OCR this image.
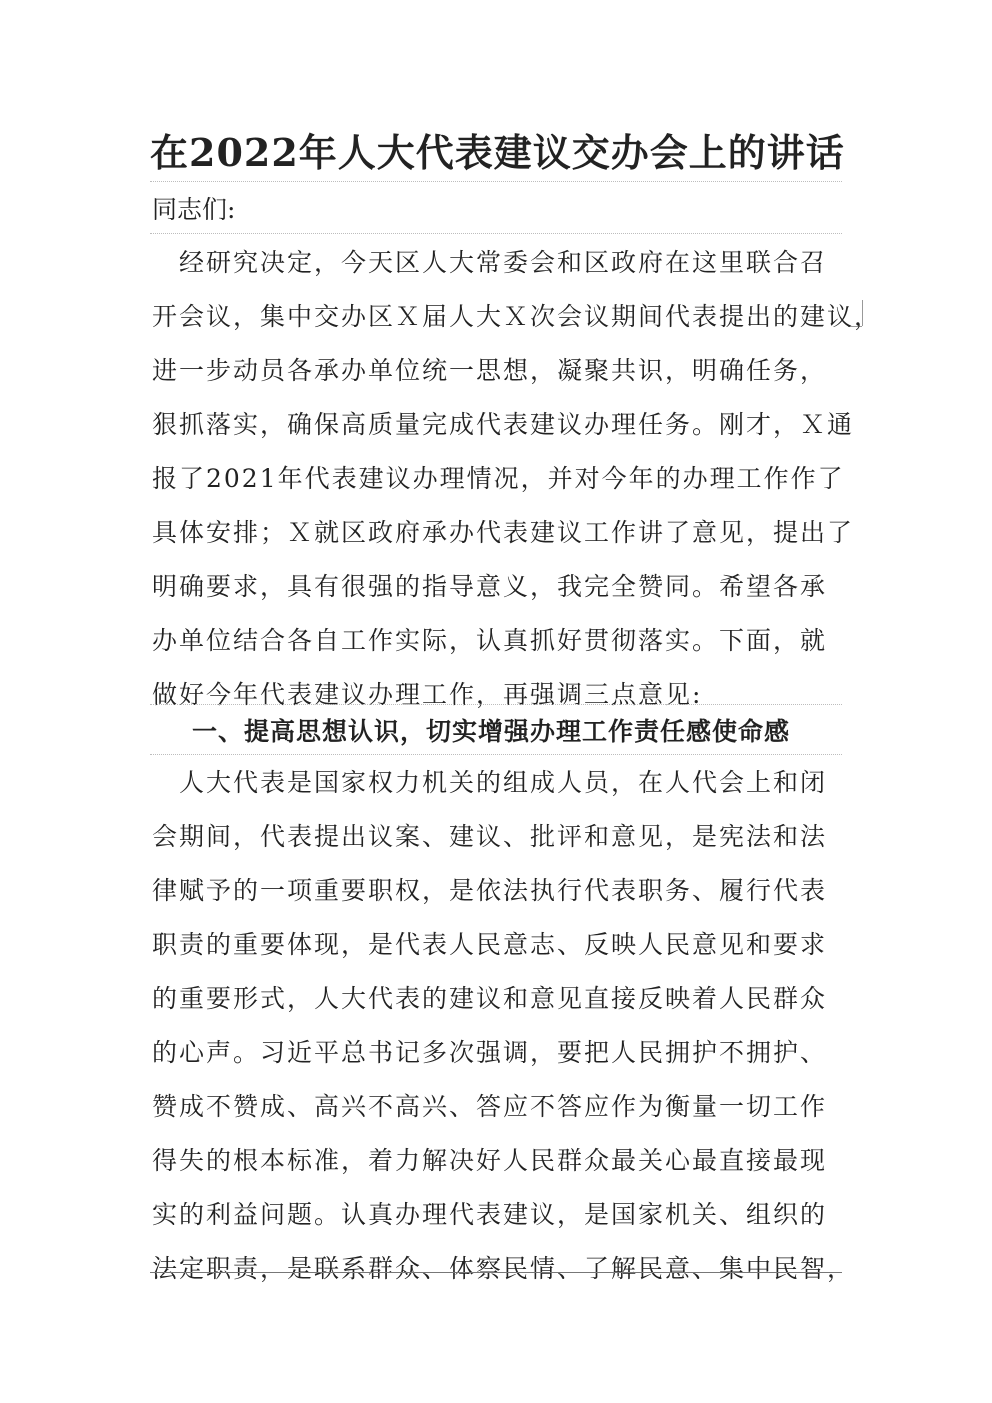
在2022年人大代表建议交办会上的讲话
同志们:
　经研究决定，今天区人大常委会和区政府在这里联合召
开会议，集中交办区Ｘ届人大Ｘ次会议期间代表提出的建议，
进一步动员各承办单位统一思想，凝聚共识，明确任务，
狠抓落实，确保高质量完成代表建议办理任务。刚才，Ｘ通
报了2021年代表建议办理情况，并对今年的办理工作作了
具体安排；Ｘ就区政府承办代表建议工作讲了意见，提出了
明确要求，具有很强的指导意义，我完全赞同。希望各承
办单位结合各自工作实际，认真抓好贯彻落实。下面，就
做好今年代表建议办理工作，再强调三点意见:
一、提高思想认识，切实增强办理工作责任感使命感
　人大代表是国家权力机关的组成人员，在人代会上和闭
会期间，代表提出议案、建议、批评和意见，是宪法和法
律赋予的一项重要职权，是依法执行代表职务、履行代表
职责的重要体现，是代表人民意志、反映人民意见和要求
的重要形式，人大代表的建议和意见直接反映着人民群众
的心声。习近平总书记多次强调，要把人民拥护不拥护、
赞成不赞成、高兴不高兴、答应不答应作为衡量一切工作
得失的根本标准，着力解决好人民群众最关心最直接最现
实的利益问题。认真办理代表建议，是国家机关、组织的
法定职责，是联系群众、体察民情、了解民意、集中民智，
